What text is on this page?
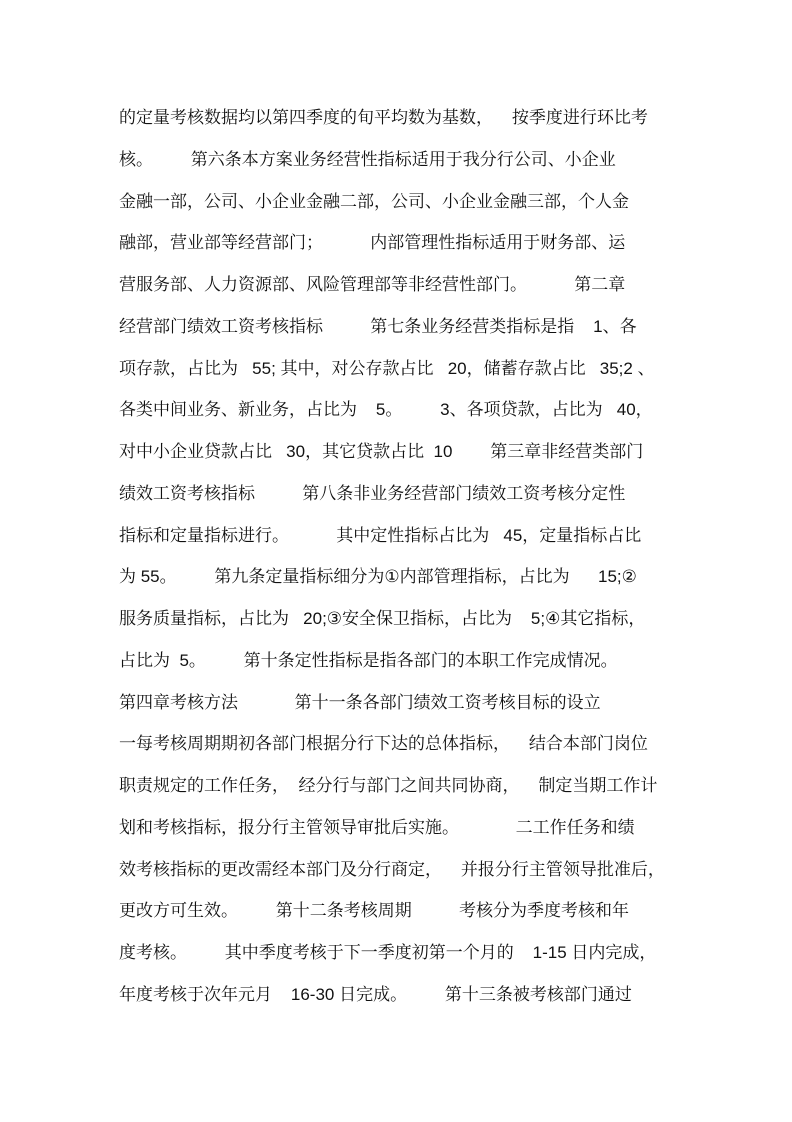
的定量考核数据均以第四季度的旬平均数为基数，    按季度进行环比考
核。        第六条本方案业务经营性指标适用于我分行公司、小企业
金融一部，公司、小企业金融二部，公司、小企业金融三部，个人金
融部，营业部等经营部门；          内部管理性指标适用于财务部、运
营服务部、人力资源部、风险管理部等非经营性部门。          第二章
经营部门绩效工资考核指标          第七条业务经营类指标是指    1、各
项存款，占比为   55; 其中，对公存款占比   20，储蓄存款占比   35;2 、
各类中间业务、新业务，占比为    5。        3、各项贷款，占比为   40，
对中小企业贷款占比   30，其它贷款占比  10        第三章非经营类部门
绩效工资考核指标          第八条非业务经营部门绩效工资考核分定性
指标和定量指标进行。          其中定性指标占比为   45，定量指标占比
为 55。        第九条定量指标细分为①内部管理指标，占比为      15;②
服务质量指标，占比为   20;③安全保卫指标，占比为    5;④其它指标，
占比为  5。        第十条定性指标是指各部门的本职工作完成情况。
第四章考核方法            第十一条各部门绩效工资考核目标的设立
一每考核周期期初各部门根据分行下达的总体指标，    结合本部门岗位
职责规定的工作任务，  经分行与部门之间共同协商，    制定当期工作计
划和考核指标，报分行主管领导审批后实施。            二工作任务和绩
效考核指标的更改需经本部门及分行商定，    并报分行主管领导批准后，
更改方可生效。        第十二条考核周期          考核分为季度考核和年
度考核。        其中季度考核于下一季度初第一个月的    1-15 日内完成，
年度考核于次年元月    16-30 日完成。        第十三条被考核部门通过
